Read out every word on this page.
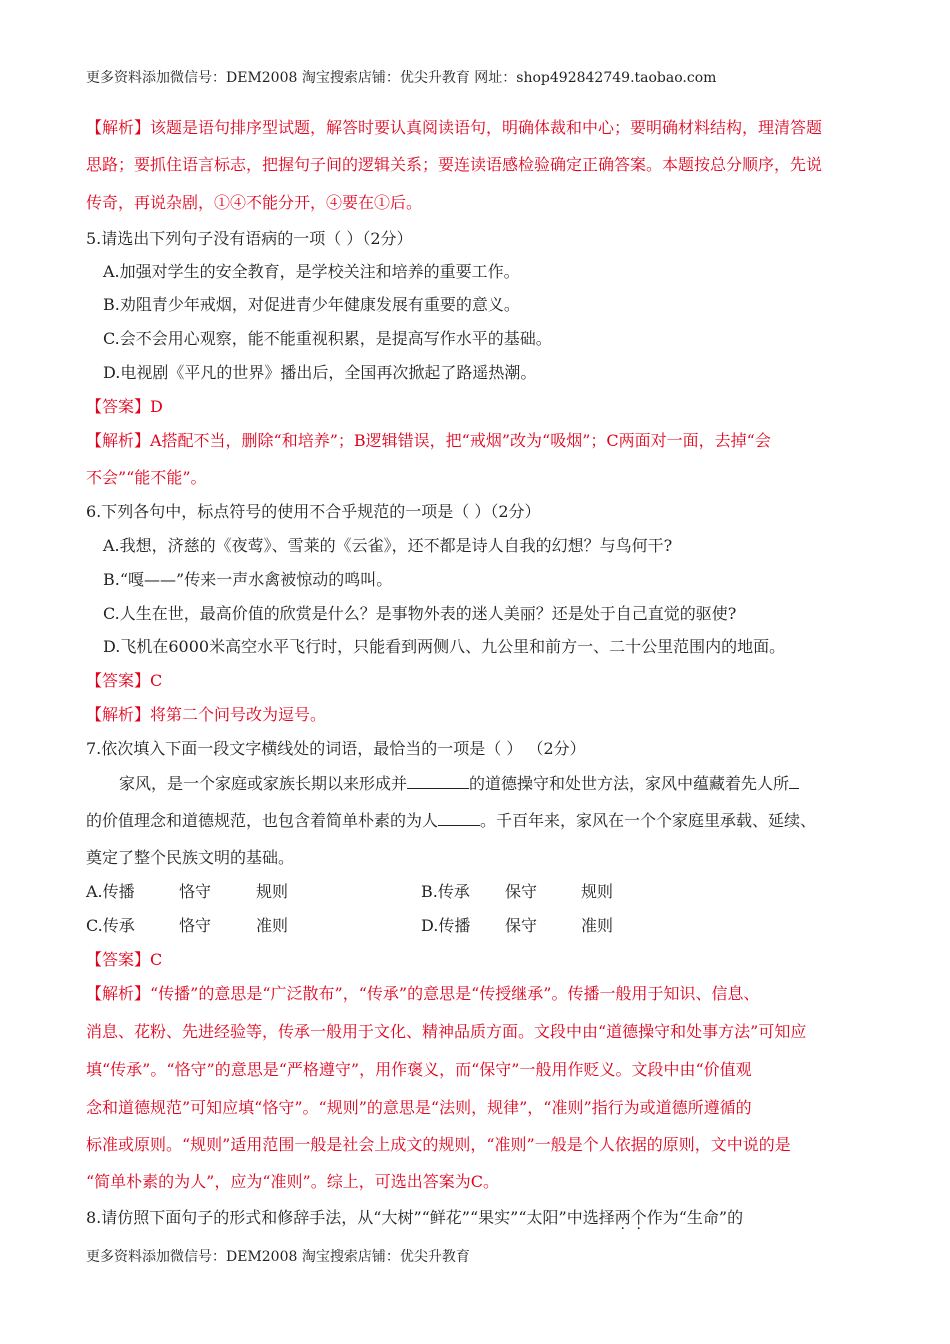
更多资料添加微信号：DEM2008 淘宝搜索店铺：优尖升教育 网址：shop492842749.taobao.com
【解析】该题是语句排序型试题，解答时要认真阅读语句，明确体裁和中心；要明确材料结构，理清答题
思路；要抓住语言标志，把握句子间的逻辑关系；要连读语感检验确定正确答案。本题按总分顺序，先说
传奇，再说杂剧，①④不能分开，④要在①后。
5.请选出下列句子没有语病的一项（ ）（2分）
A.加强对学生的安全教育，是学校关注和培养的重要工作。
B.劝阻青少年戒烟，对促进青少年健康发展有重要的意义。
C.会不会用心观察，能不能重视积累，是提高写作水平的基础。
D.电视剧《平凡的世界》播出后，全国再次掀起了路遥热潮。
【答案】D
【解析】A搭配不当，删除“和培养”；B逻辑错误，把“戒烟”改为“吸烟”；C两面对一面，去掉“会
不会”“能不能”。
6.下列各句中，标点符号的使用不合乎规范的一项是（ ）（2分）
A.我想，济慈的《夜莺》、雪莱的《云雀》，还不都是诗人自我的幻想？与鸟何干?
B.“嘎——”传来一声水禽被惊动的鸣叫。
C.人生在世，最高价值的欣赏是什么？是事物外表的迷人美丽？还是处于自己直觉的驱使?
D.飞机在6000米高空水平飞行时，只能看到两侧八、九公里和前方一、二十公里范围内的地面。
【答案】C
【解析】将第二个问号改为逗号。
7.依次填入下面一段文字横线处的词语，最恰当的一项是（ ） （2分）
家风，是一个家庭或家族长期以来形成并	的道德操守和处世方法，家风中蕴藏着先人所
的价值理念和道德规范，也包含着简单朴素的为人	。千百年来，家风在一个个家庭里承载、延续、
奠定了整个民族文明的基础。
A.传播	恪守	规则	B.传承 保守	规则
C.传承	恪守	准则	D.传播 保守	准则
【答案】C
【解析】“传播”的意思是“广泛散布”，“传承”的意思是“传授继承”。传播一般用于知识、信息、
消息、花粉、先进经验等，传承一般用于文化、精神品质方面。文段中由“道德操守和处事方法”可知应
填“传承”。“恪守”的意思是“严格遵守”，用作褒义，而“保守”一般用作贬义。文段中由“价值观
念和道德规范”可知应填“恪守”。“规则”的意思是“法则，规律”，“准则”指行为或道德所遵循的
标准或原则。“规则”适用范围一般是社会上成文的规则，“准则”一般是个人依据的原则，文中说的是
“简单朴素的为人”，应为“准则”。综上，可选出答案为C。
8.请仿照下面句子的形式和修辞手法，从“大树”“鲜花”“果实”“太阳”中选择两个作为“生命”的
更多资料添加微信号：DEM2008 淘宝搜索店铺：优尖升教育
